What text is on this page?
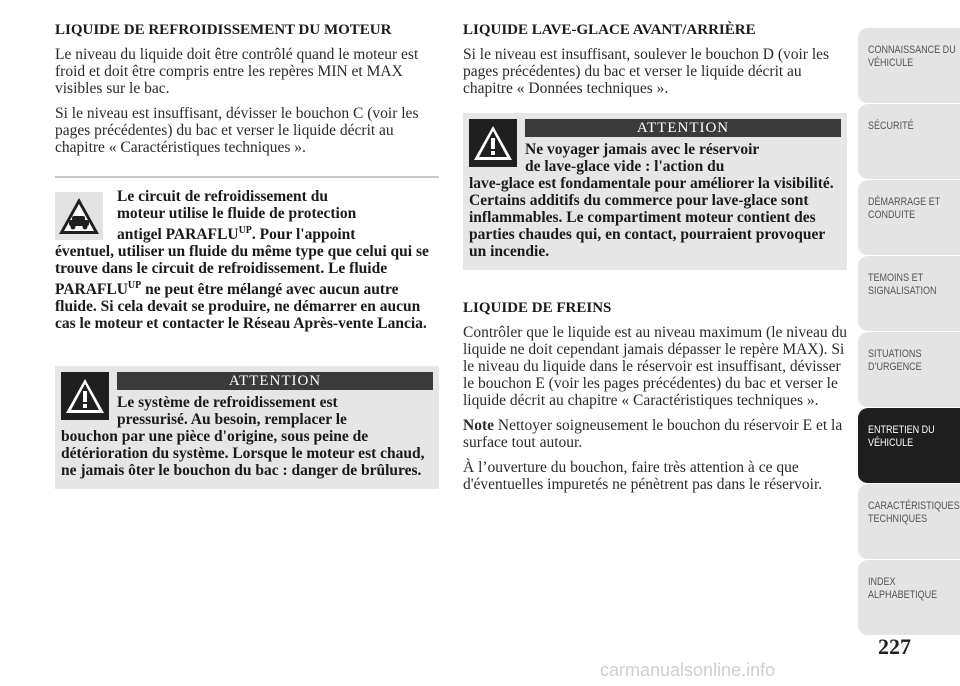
LIQUIDE DE REFROIDISSEMENT DU MOTEUR

Le niveau du liquide doit être contrôlé quand le moteur est froid et doit être compris entre les repères MIN et MAX visibles sur le bac.

Si le niveau est insuffisant, dévisser le bouchon C (voir les pages précédentes) du bac et verser le liquide décrit au chapitre « Caractéristiques techniques ».

Le circuit de refroidissement du
moteur utilise le fluide de protection
antigel $PARAFLU^{UP}$. Pour l'appoint
éventuel, utiliser un fluide du même type que celui qui se trouve dans le circuit de refroidissement. Le fluide $PARAFLU^{UP}$ ne peut être mélangé avec aucun autre fluide. Si cela devait se produire, ne démarrer en aucun cas le moteur et contacter le Réseau Après-vente Lancia.
ATTENTION
Le système de refroidissement est
pressurisé. Au besoin, remplacer le
bouchon par une pièce d'origine, sous peine de détérioration du système. Lorsque le moteur est chaud, ne jamais ôter le bouchon du bac : danger de brûlures.
LIQUIDE LAVE-GLACE AVANT/ARRIÈRE

Si le niveau est insuffisant, soulever le bouchon D (voir les pages précédentes) du bac et verser le liquide décrit au chapitre « Données techniques ».

ATTENTION
Ne voyager jamais avec le réservoir
de lave-glace vide : l'action du
lave-glace est fondamentale pour améliorer la visibilité. Certains additifs du commerce pour lave-glace sont inflammables. Le compartiment moteur contient des parties chaudes qui, en contact, pourraient provoquer un incendie.
LIQUIDE DE FREINS

Contrôler que le liquide est au niveau maximum (le niveau du liquide ne doit cependant jamais dépasser le repère MAX). Si le niveau du liquide dans le réservoir est insuffisant, dévisser le bouchon E (voir les pages précédentes) du bac et verser le liquide décrit au chapitre « Caractéristiques techniques ».

Note Nettoyer soigneusement le bouchon du réservoir E et la surface tout autour.

À l’ouverture du bouchon, faire très attention à ce que d'éventuelles impuretés ne pénètrent pas dans le réservoir.

CONNAISSANCE DU
VÉHICULE
SÉCURITÉ
DÉMARRAGE ET
CONDUITE
TEMOINS ET
SIGNALISATION
SITUATIONS
D’URGENCE
ENTRETIEN DU
VÉHICULE
CARACTÉRISTIQUES
TECHNIQUES
INDEX
ALPHABETIQUE
227
carmanualsonline.info
